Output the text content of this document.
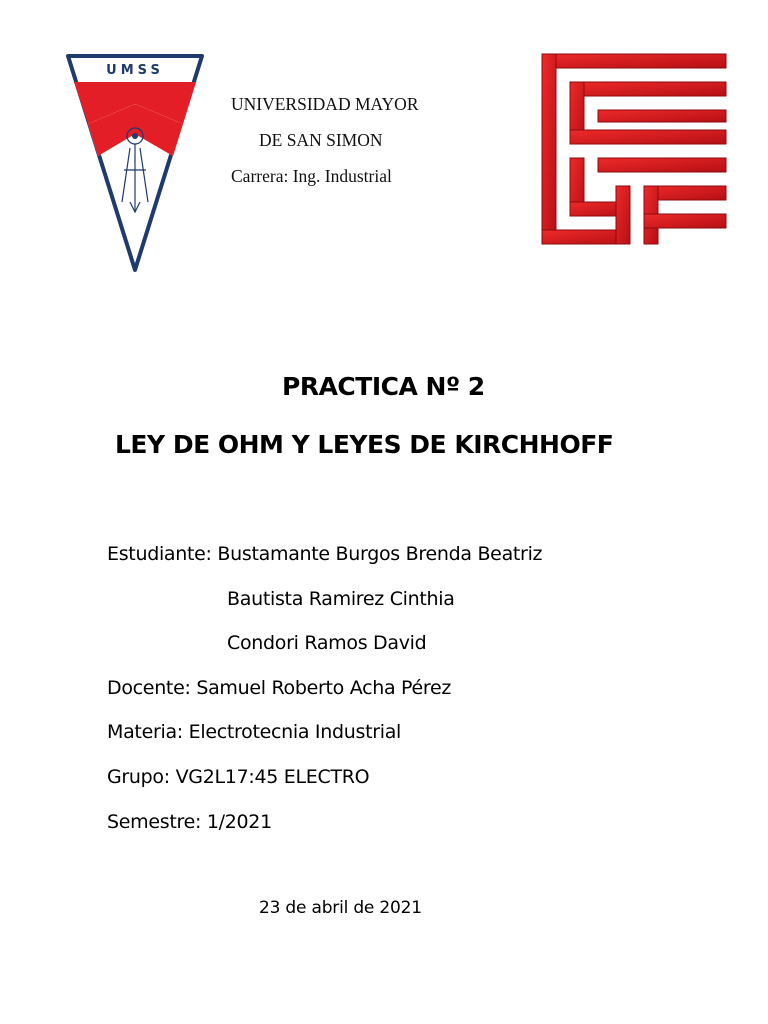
UMSS
UNIVERSIDAD MAYOR
DE SAN SIMON
Carrera: Ing. Industrial
PRACTICA Nº 2
LEY DE OHM Y LEYES DE KIRCHHOFF
Estudiante: Bustamante Burgos Brenda Beatriz
Bautista Ramirez Cinthia
Condori Ramos David
Docente: Samuel Roberto Acha Pérez
Materia: Electrotecnia Industrial
Grupo: VG2L17:45 ELECTRO
Semestre: 1/2021
23 de abril de 2021
